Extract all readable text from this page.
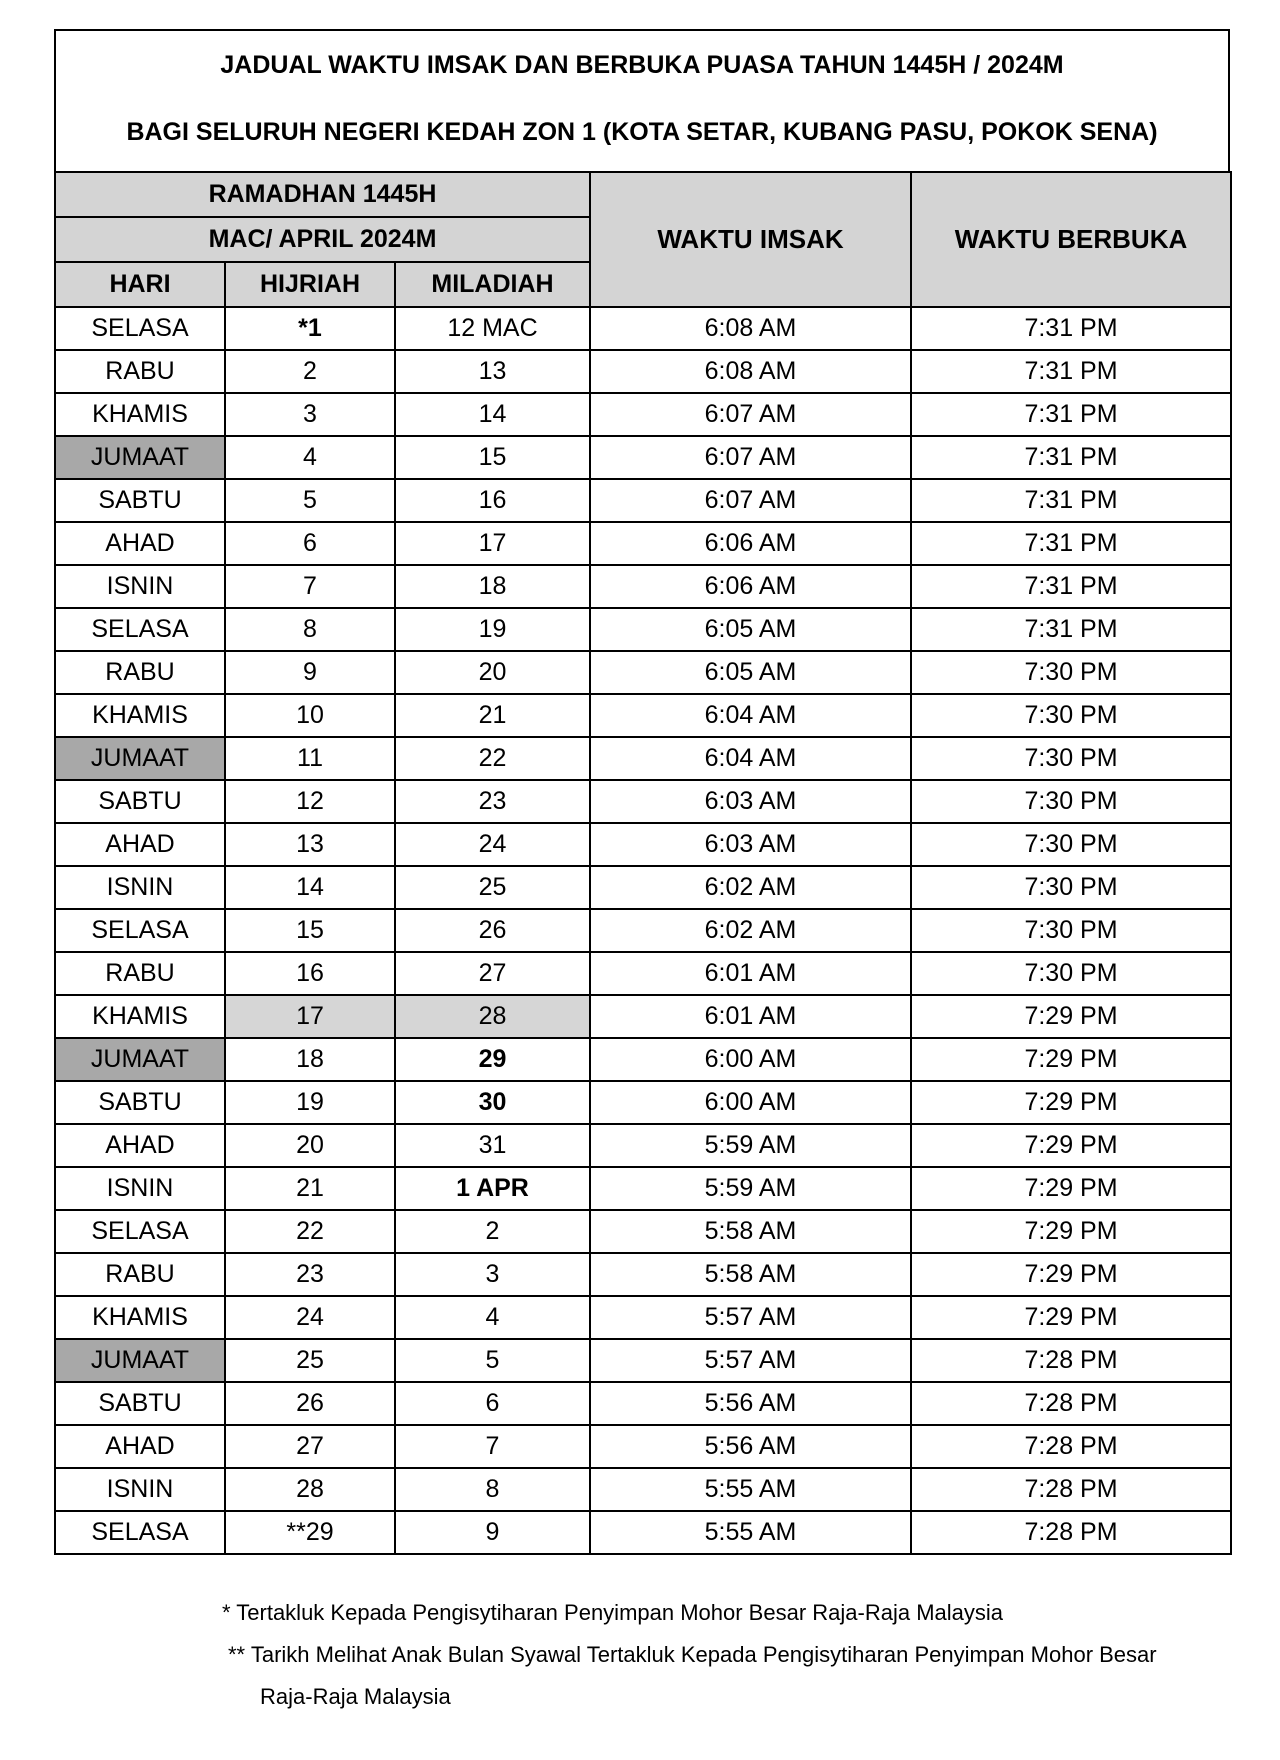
JADUAL WAKTU IMSAK DAN BERBUKA PUASA TAHUN 1445H / 2024M
BAGI SELURUH NEGERI KEDAH ZON 1 (KOTA SETAR, KUBANG PASU, POKOK SENA)
RAMADHAN 1445H			WAKTU IMSAK	WAKTU BERBUKA
MAC/ APRIL 2024M				
HARI	HIJRIAH	MILADIAH		
SELASA	*1	12 MAC	6:08 AM	7:31 PM
RABU	2	13	6:08 AM	7:31 PM
KHAMIS	3	14	6:07 AM	7:31 PM
JUMAAT	4	15	6:07 AM	7:31 PM
SABTU	5	16	6:07 AM	7:31 PM
AHAD	6	17	6:06 AM	7:31 PM
ISNIN	7	18	6:06 AM	7:31 PM
SELASA	8	19	6:05 AM	7:31 PM
RABU	9	20	6:05 AM	7:30 PM
KHAMIS	10	21	6:04 AM	7:30 PM
JUMAAT	11	22	6:04 AM	7:30 PM
SABTU	12	23	6:03 AM	7:30 PM
AHAD	13	24	6:03 AM	7:30 PM
ISNIN	14	25	6:02 AM	7:30 PM
SELASA	15	26	6:02 AM	7:30 PM
RABU	16	27	6:01 AM	7:30 PM
KHAMIS	17	28	6:01 AM	7:29 PM
JUMAAT	18	29	6:00 AM	7:29 PM
SABTU	19	30	6:00 AM	7:29 PM
AHAD	20	31	5:59 AM	7:29 PM
ISNIN	21	1 APR	5:59 AM	7:29 PM
SELASA	22	2	5:58 AM	7:29 PM
RABU	23	3	5:58 AM	7:29 PM
KHAMIS	24	4	5:57 AM	7:29 PM
JUMAAT	25	5	5:57 AM	7:28 PM
SABTU	26	6	5:56 AM	7:28 PM
AHAD	27	7	5:56 AM	7:28 PM
ISNIN	28	8	5:55 AM	7:28 PM
SELASA	**29	9	5:55 AM	7:28 PM

* Tertakluk Kepada Pengisytiharan Penyimpan Mohor Besar Raja-Raja Malaysia

** Tarikh Melihat Anak Bulan Syawal Tertakluk Kepada Pengisytiharan Penyimpan Mohor Besar

Raja-Raja Malaysia
